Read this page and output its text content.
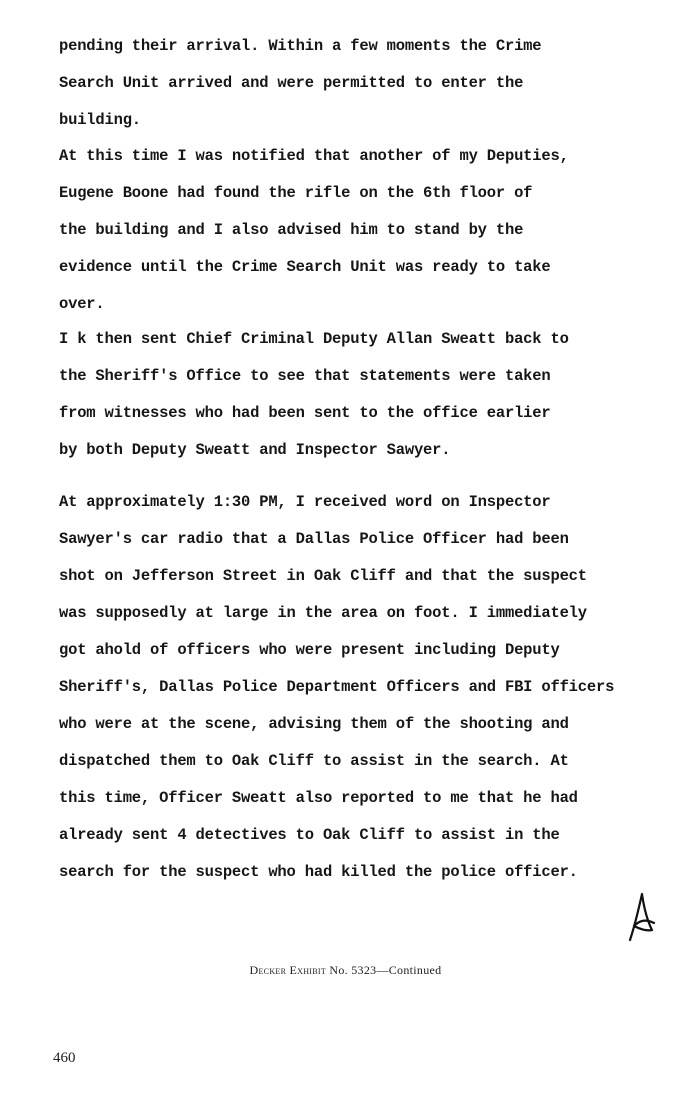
pending their arrival. Within a few moments the Crime
Search Unit arrived and were permitted to enter the
building.
At this time I was notified that another of my Deputies,
Eugene Boone had found the rifle on the 6th floor of
the building and I also advised him to stand by the
evidence until the Crime Search Unit was ready to take
over.
I k then sent Chief Criminal Deputy Allan Sweatt back to
the Sheriff's Office to see that statements were taken
from witnesses who had been sent to the office earlier
by both Deputy Sweatt and Inspector Sawyer.
At approximately 1:30 PM, I received word on Inspector
Sawyer's car radio that a Dallas Police Officer had been
shot on Jefferson Street in Oak Cliff and that the suspect
was supposedly at large in the area on foot. I immediately
got ahold of officers who were present including Deputy
Sheriff's, Dallas Police Department Officers and FBI officers
who were at the scene, advising them of the shooting and
dispatched them to Oak Cliff to assist in the search. At
this time, Officer Sweatt also reported to me that he had
already sent 4 detectives to Oak Cliff to assist in the
search for the suspect who had killed the police officer.
Decker Exhibit No. 5323—Continued
460
